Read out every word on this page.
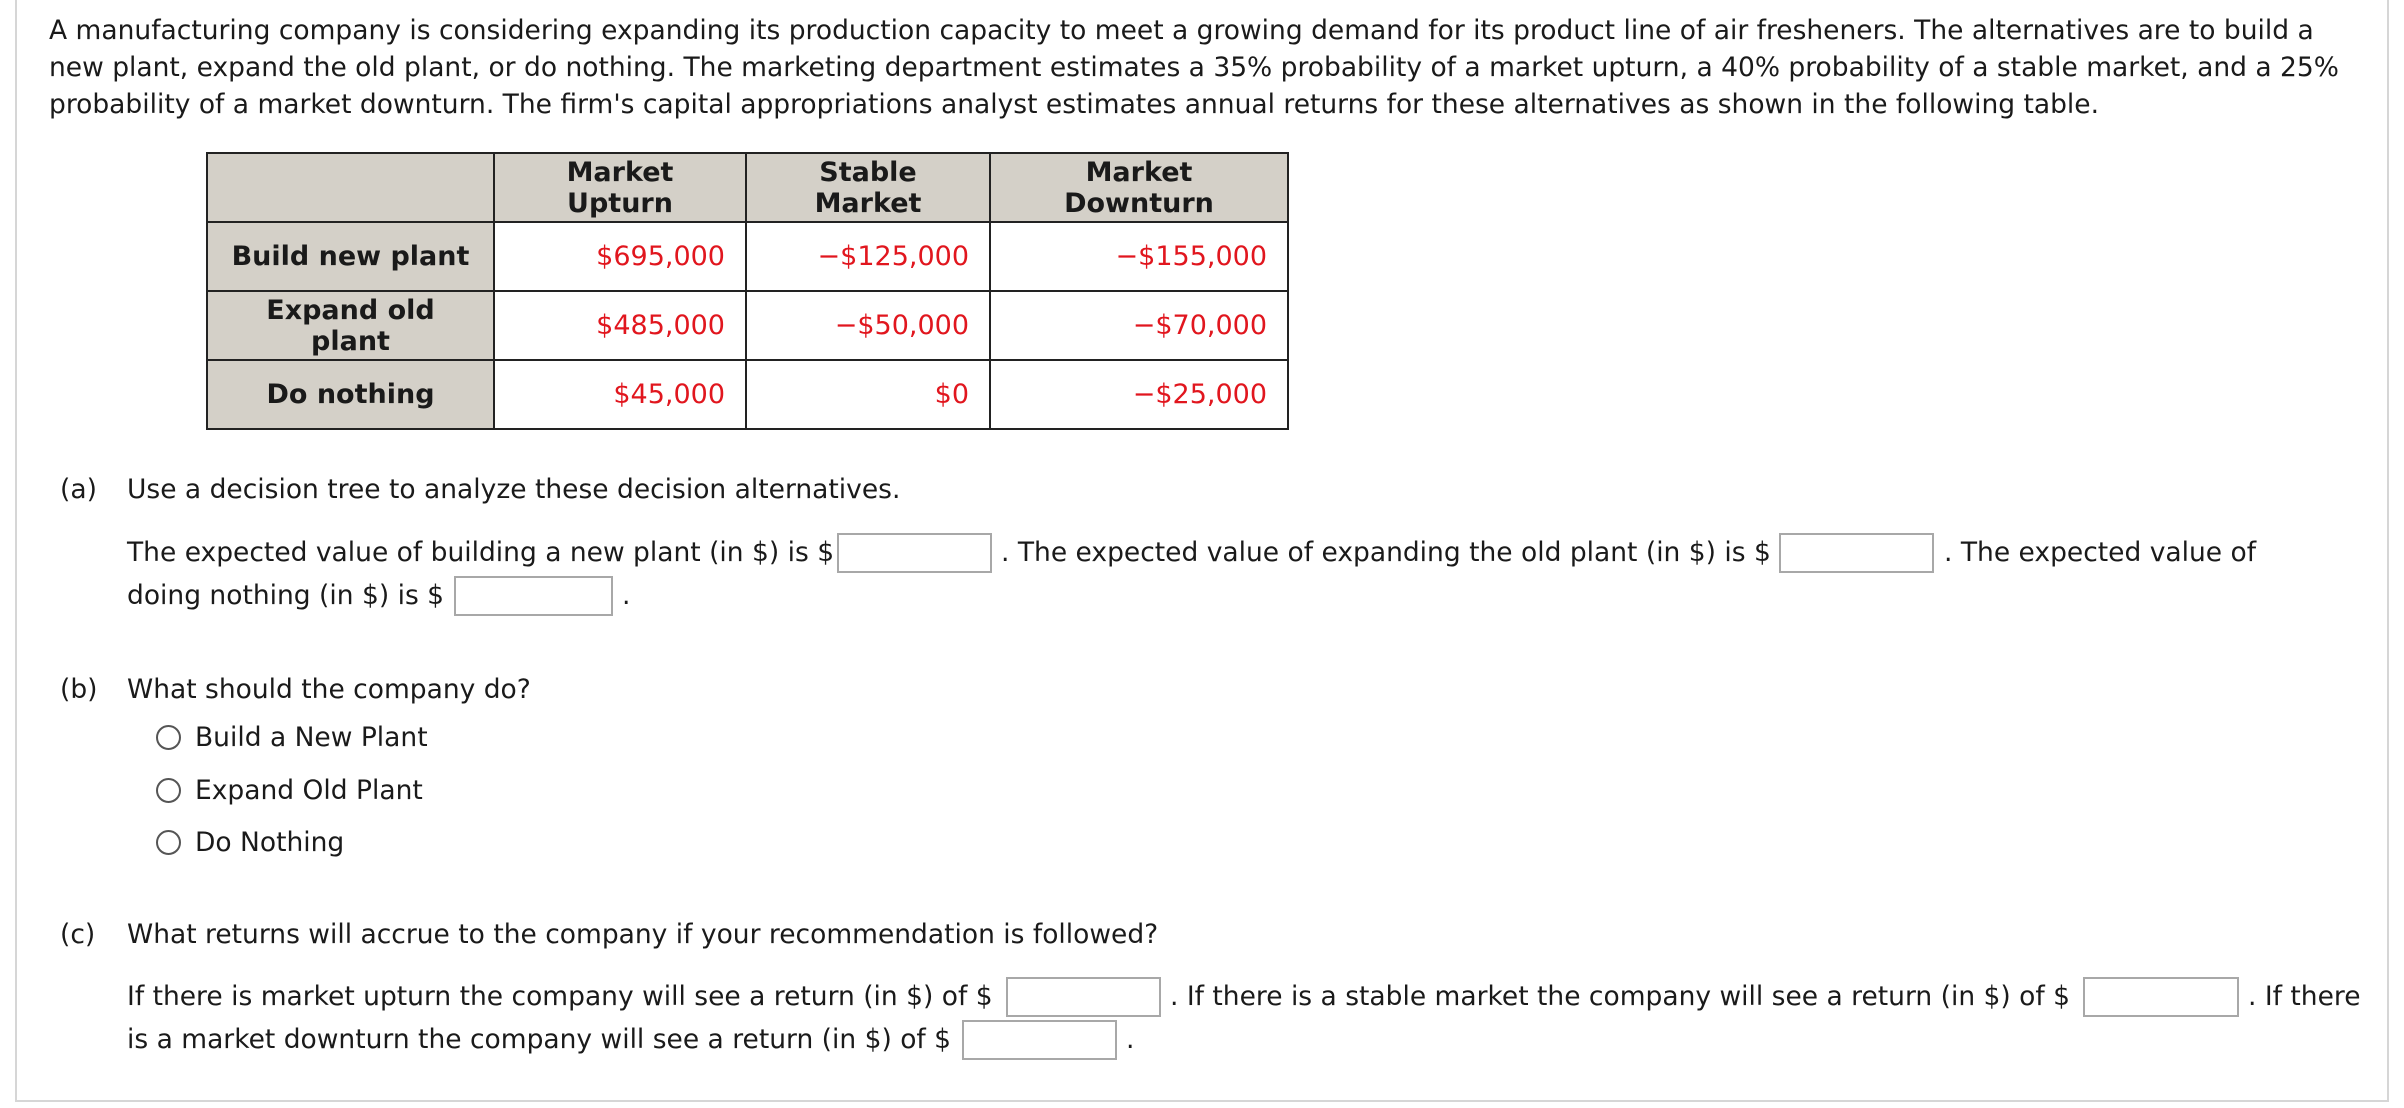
A manufacturing company is considering expanding its production capacity to meet a growing demand for its product line of air fresheners. The alternatives are to build a new plant, expand the old plant, or do nothing. The marketing department estimates a 35% probability of a market upturn, a 40% probability of a stable market, and a 25% probability of a market downturn. The firm's capital appropriations analyst estimates annual returns for these alternatives as shown in the following table.

	Market Upturn	Stable Market	Market Downturn
Build new plant	$695,000	−$125,000	−$155,000
Expand old plant	$485,000	−$50,000	−$70,000
Do nothing	$45,000	$0	−$25,000
(a) Use a decision tree to analyze these decision alternatives.
The expected value of building a new plant (in $) is $	. The expected value of expanding the old plant (in $) is $	. The expected value of
doing nothing (in $) is $	.
(b) What should the company do?
Build a New Plant
Expand Old Plant
Do Nothing
(c) What returns will accrue to the company if your recommendation is followed?
If there is market upturn the company will see a return (in $) of $	. If there is a stable market the company will see a return (in $) of $	. If there
is a market downturn the company will see a return (in $) of $	.
